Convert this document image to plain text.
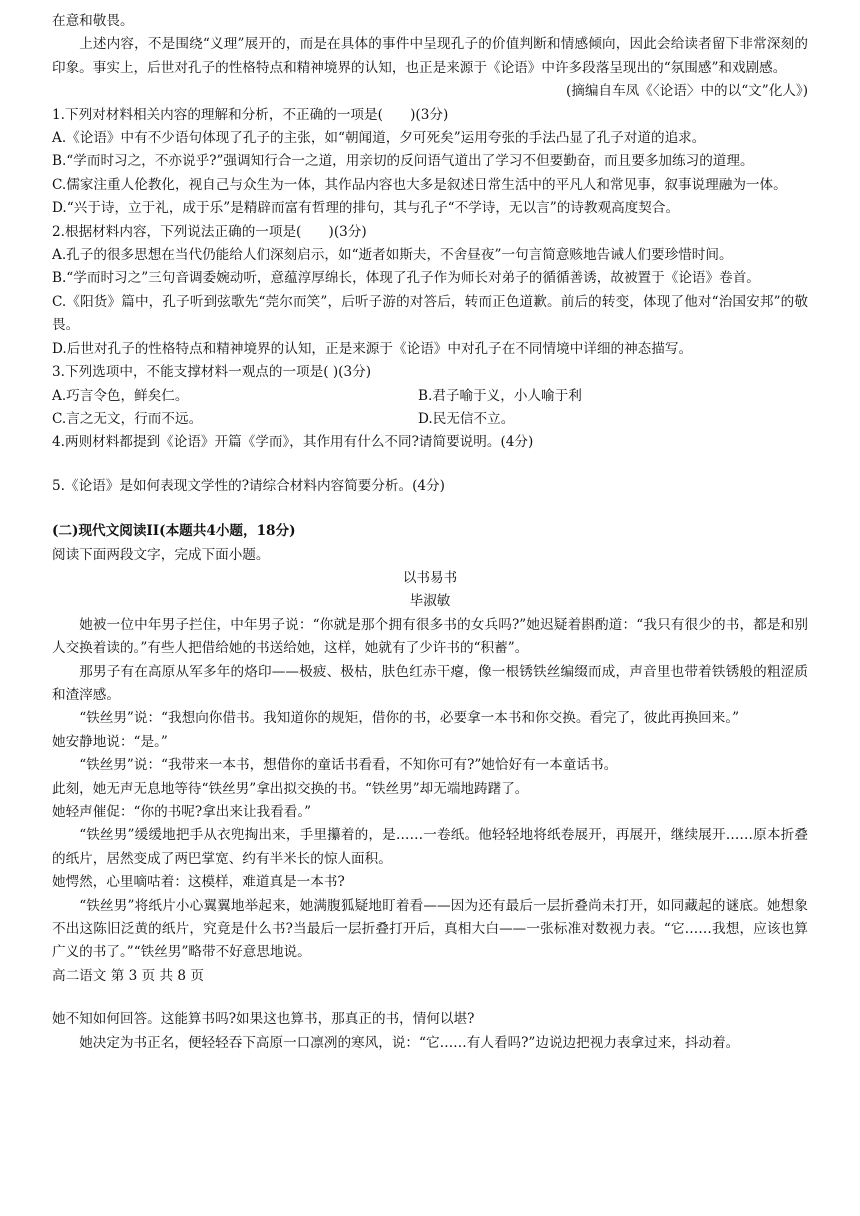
在意和敬畏。

上述内容，不是围绕“义理”展开的，而是在具体的事件中呈现孔子的价值判断和情感倾向，因此会给读者留下非常深刻的印象。事实上，后世对孔子的性格特点和精神境界的认知，也正是来源于《论语》中许多段落呈现出的“氛围感”和戏剧感。

(摘编自车凤《〈论语〉中的以“文”化人》)

1.下列对材料相关内容的理解和分析，不正确的一项是(　　)(3分)

A.《论语》中有不少语句体现了孔子的主张，如“朝闻道，夕可死矣”运用夸张的手法凸显了孔子对道的追求。

B.“学而时习之，不亦说乎?”强调知行合一之道，用亲切的反问语气道出了学习不但要勤奋，而且要多加练习的道理。

C.儒家注重人伦教化，视自己与众生为一体，其作品内容也大多是叙述日常生活中的平凡人和常见事，叙事说理融为一体。

D.“兴于诗，立于礼，成于乐”是精辟而富有哲理的排句，其与孔子“不学诗，无以言”的诗教观高度契合。

2.根据材料内容，下列说法正确的一项是(　　)(3分)

A.孔子的很多思想在当代仍能给人们深刻启示，如“逝者如斯夫，不舍昼夜”一句言简意赅地告诫人们要珍惜时间。

B.“学而时习之”三句音调委婉动听，意蕴淳厚绵长，体现了孔子作为师长对弟子的循循善诱，故被置于《论语》卷首。

C.《阳货》篇中，孔子听到弦歌先“莞尔而笑”，后听子游的对答后，转而正色道歉。前后的转变，体现了他对“治国安邦”的敬畏。

D.后世对孔子的性格特点和精神境界的认知，正是来源于《论语》中对孔子在不同情境中详细的神态描写。

3.下列选项中，不能支撑材料一观点的一项是( )(3分)

A.巧言令色，鲜矣仁。	B.君子喻于义，小人喻于利
C.言之无文，行而不远。	D.民无信不立。

4.两则材料都提到《论语》开篇《学而》，其作用有什么不同?请简要说明。(4分)

5.《论语》是如何表现文学性的?请综合材料内容简要分析。(4分)

(二)现代文阅读II(本题共4小题，18分)

阅读下面两段文字，完成下面小题。

以书易书

毕淑敏

她被一位中年男子拦住，中年男子说：“你就是那个拥有很多书的女兵吗?”她迟疑着斟酌道：“我只有很少的书，都是和别人交换着读的。”有些人把借给她的书送给她，这样，她就有了少许书的“积蓄”。

那男子有在高原从军多年的烙印——极疲、极枯，肤色红赤干瘪，像一根锈铁丝编缀而成，声音里也带着铁锈般的粗涩质和渣滓感。

“铁丝男”说：“我想向你借书。我知道你的规矩，借你的书，必要拿一本书和你交换。看完了，彼此再换回来。”

她安静地说：“是。”

“铁丝男”说：“我带来一本书，想借你的童话书看看，不知你可有?”她恰好有一本童话书。

此刻，她无声无息地等待“铁丝男”拿出拟交换的书。“铁丝男”却无端地踌躇了。

她轻声催促：“你的书呢?拿出来让我看看。”

“铁丝男”缓缓地把手从衣兜掏出来，手里攥着的，是……一卷纸。他轻轻地将纸卷展开，再展开，继续展开……原本折叠的纸片，居然变成了两巴掌宽、约有半米长的惊人面积。

她愕然，心里嘀咕着：这模样，难道真是一本书?

“铁丝男”将纸片小心翼翼地举起来，她满腹狐疑地盯着看——因为还有最后一层折叠尚未打开，如同藏起的谜底。她想象不出这陈旧泛黄的纸片，究竟是什么书?当最后一层折叠打开后，真相大白——一张标准对数视力表。“它……我想，应该也算广义的书了。”“铁丝男”略带不好意思地说。

高二语文 第 3 页 共 8 页

她不知如何回答。这能算书吗?如果这也算书，那真正的书，情何以堪?

她决定为书正名，便轻轻吞下高原一口凛冽的寒风，说：“它……有人看吗?”边说边把视力表拿过来，抖动着。
